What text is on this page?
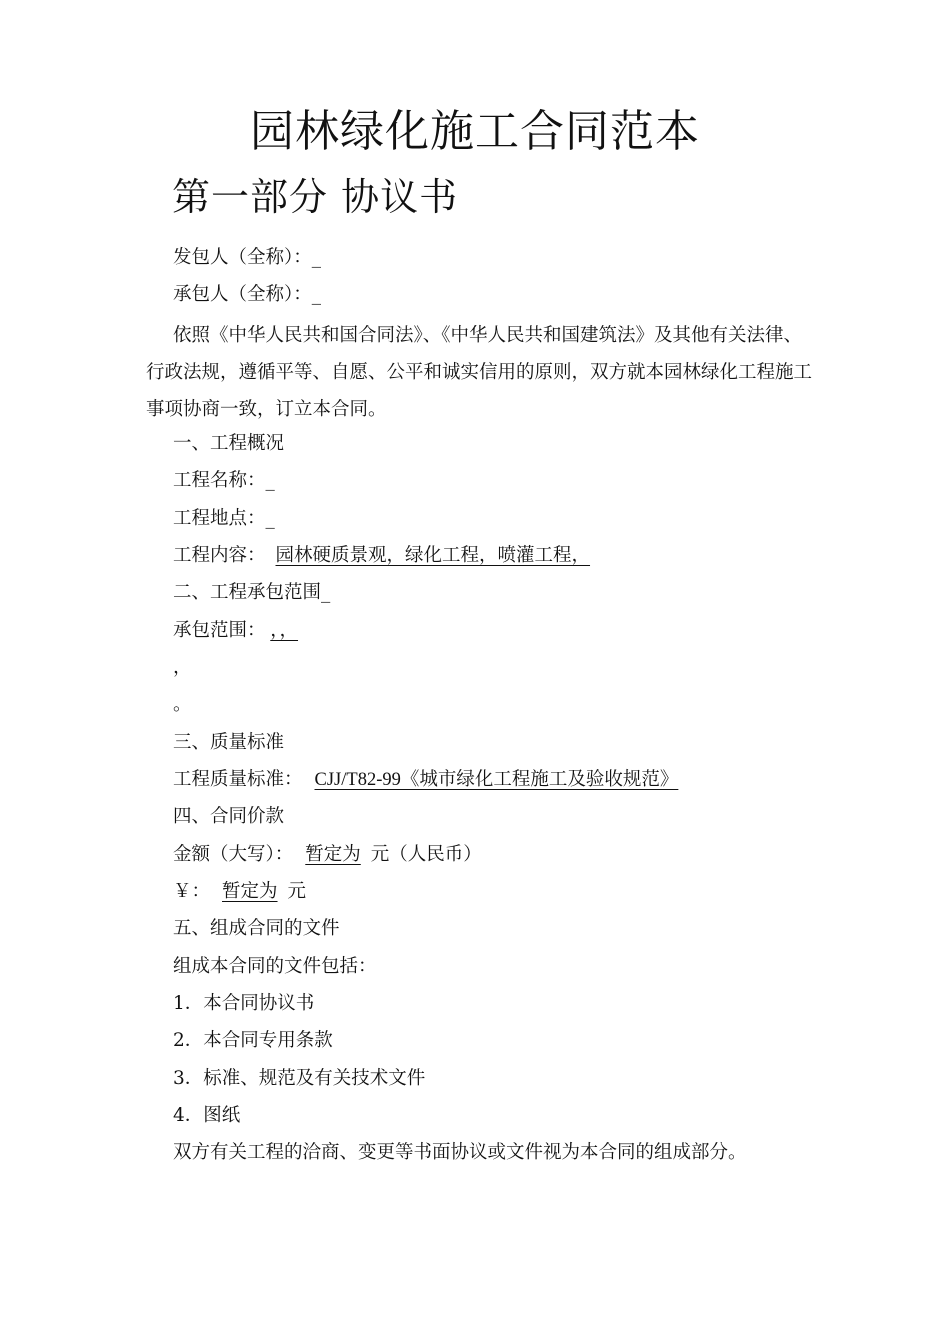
园林绿化施工合同范本
第一部分 协议书
发包人（全称）：_
承包人（全称）：_
依照《中华人民共和国合同法》、《中华人民共和国建筑法》及其他有关法律、行政法规，遵循平等、自愿、公平和诚实信用的原则，双方就本园林绿化工程施工事项协商一致，订立本合同。
一、工程概况
工程名称：_
工程地点：_
工程内容： 园林硬质景观，绿化工程，喷灌工程，
二、工程承包范围_
承包范围： ，，
，
。
三、质量标准
工程质量标准： CJJ/T82-99《城市绿化工程施工及验收规范》
四、合同价款
金额（大写）： 暂定为 元（人民币）
￥： 暂定为 元
五、组成合同的文件
组成本合同的文件包括：
1．本合同协议书
2．本合同专用条款
3．标准、规范及有关技术文件
4．图纸
双方有关工程的洽商、变更等书面协议或文件视为本合同的组成部分。
